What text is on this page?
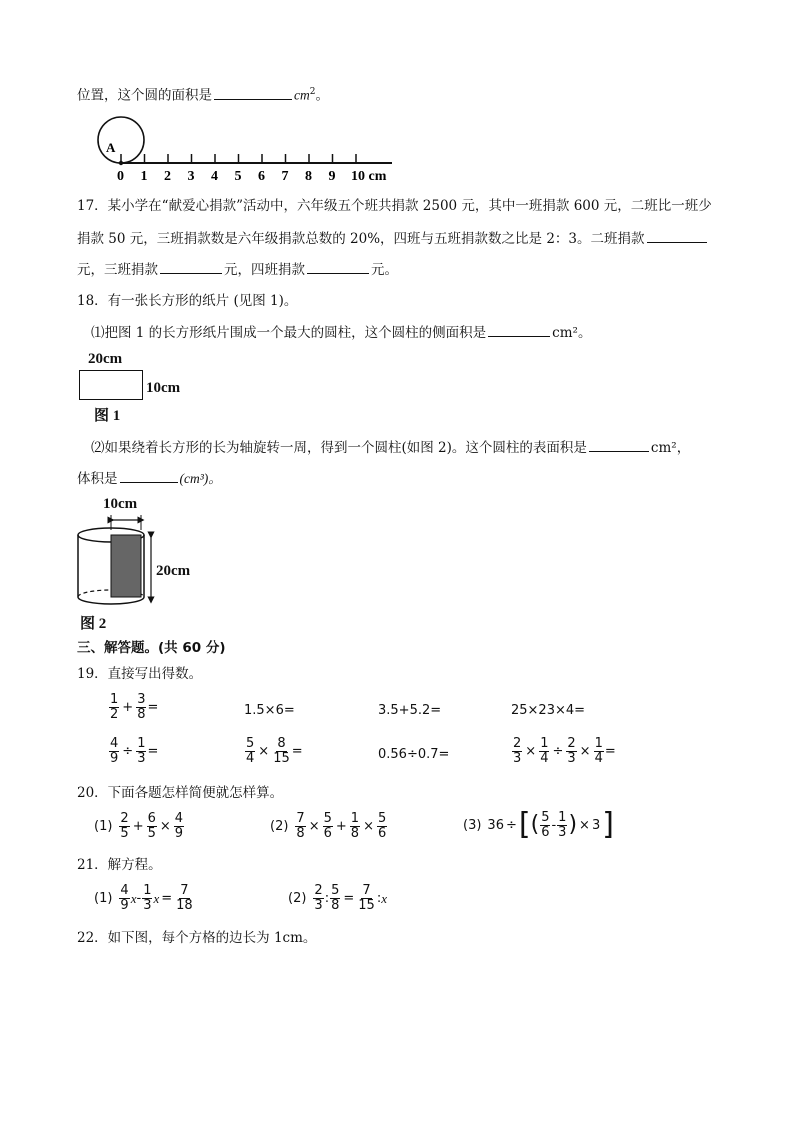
位置，这个圆的面积是	$cm^2$。
A
0 1 2 3 4 5 6 7 8 9 10 cm
17．某小学在“献爱心捐款”活动中，六年级五个班共捐款 2500 元，其中一班捐款 600 元，二班比一班少
捐款 50 元，三班捐款数是六年级捐款总数的 20%，四班与五班捐款数之比是 2：3。二班捐款
元，三班捐款	元，四班捐款	元。
18．有一张长方形的纸片 (见图 1)。
⑴把图 1 的长方形纸片围成一个最大的圆柱，这个圆柱的侧面积是	cm²。
20cm
10cm
图 1
⑵如果绕着长方形的长为轴旋转一周，得到一个圆柱(如图 2)。这个圆柱的表面积是	cm²，
体积是	(cm³)。
10cm
20cm
图 2
三、解答题。(共 60 分)
19．直接写出得数。
$\frac{1}{2} + \frac{3}{8}$ =	1.5×6=	3.5+5.2=	25×23×4=
$\frac{4}{9} \div \frac{1}{3}$ =	$\frac{5}{4} \times \frac{8}{15}$ =	0.56÷0.7=	$\frac{2}{3} \times \frac{1}{4} \div \frac{2}{3} \times \frac{1}{4}$ =
20．下面各题怎样简便就怎样算。
$(1) \frac{2}{5} + \frac{6}{5} \times \frac{4}{9}$	$(2) \frac{7}{8} \times \frac{5}{6} + \frac{1}{8} \times \frac{5}{6}$	(3) 36 ÷ [ ( $\frac{5}{6} - \frac{1}{3}$ ) × 3 ]
21．解方程。
$(1) \frac{4}{9}$ x - $\frac{1}{3}$ $x = \frac{7}{18}$	$(2) \frac{2}{3}$ : $\frac{5}{8} = \frac{7}{15}$ : x
22．如下图，每个方格的边长为 1cm。
